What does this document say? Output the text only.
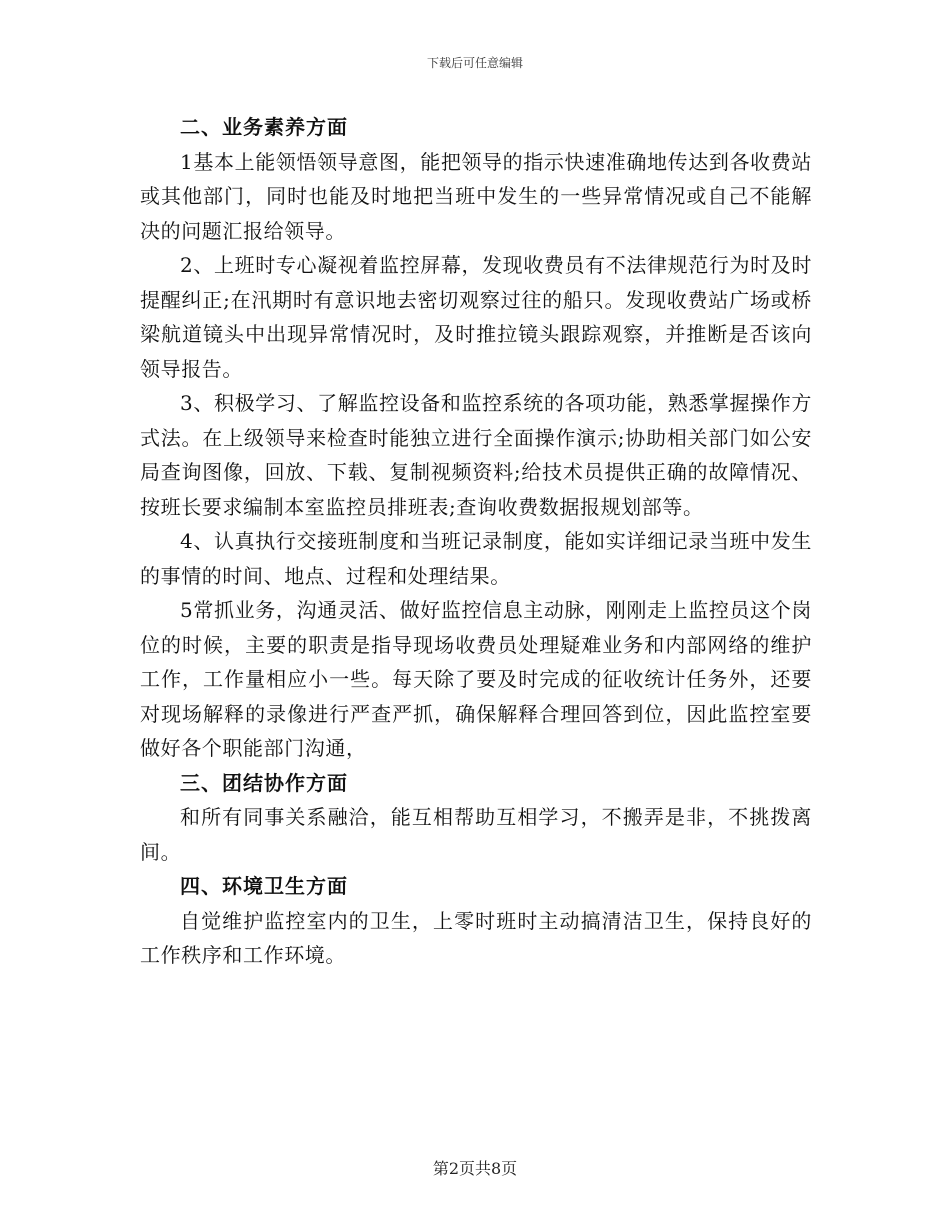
下载后可任意编辑
二、业务素养方面

1基本上能领悟领导意图，能把领导的指示快速准确地传达到各收费站或其他部门，同时也能及时地把当班中发生的一些异常情况或自己不能解决的问题汇报给领导。

2、上班时专心凝视着监控屏幕，发现收费员有不法律规范行为时及时提醒纠正;在汛期时有意识地去密切观察过往的船只。发现收费站广场或桥梁航道镜头中出现异常情况时，及时推拉镜头跟踪观察，并推断是否该向领导报告。

3、积极学习、了解监控设备和监控系统的各项功能，熟悉掌握操作方式法。在上级领导来检查时能独立进行全面操作演示;协助相关部门如公安局查询图像，回放、下载、复制视频资料;给技术员提供正确的故障情况、按班长要求编制本室监控员排班表;查询收费数据报规划部等。

4、认真执行交接班制度和当班记录制度，能如实详细记录当班中发生的事情的时间、地点、过程和处理结果。

5常抓业务，沟通灵活、做好监控信息主动脉，刚刚走上监控员这个岗位的时候，主要的职责是指导现场收费员处理疑难业务和内部网络的维护工作，工作量相应小一些。每天除了要及时完成的征收统计任务外，还要对现场解释的录像进行严查严抓，确保解释合理回答到位，因此监控室要做好各个职能部门沟通，

三、团结协作方面

和所有同事关系融洽，能互相帮助互相学习，不搬弄是非，不挑拨离间。

四、环境卫生方面

自觉维护监控室内的卫生，上零时班时主动搞清洁卫生，保持良好的工作秩序和工作环境。

第2页共8页
